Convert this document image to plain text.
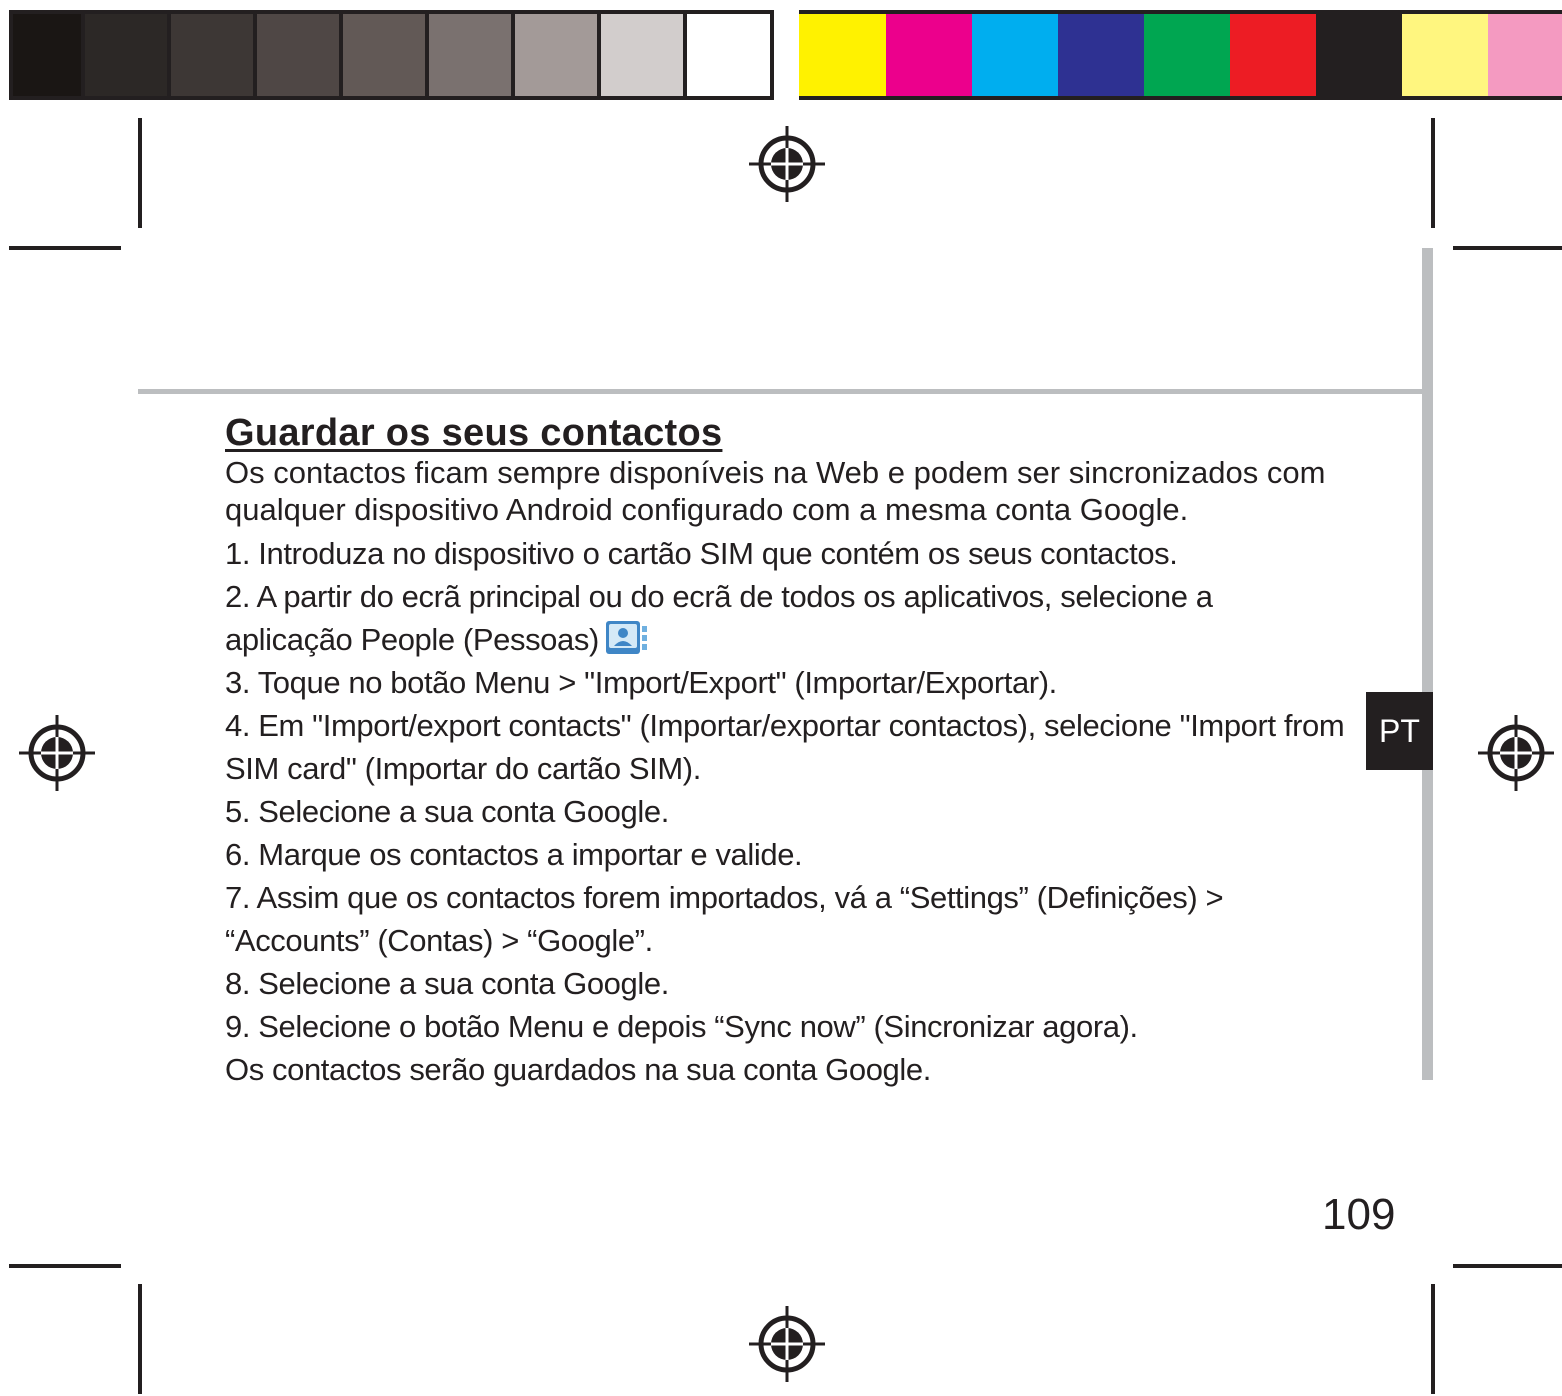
PT
Guardar os seus contactos

Os contactos ficam sempre disponíveis na Web e podem ser sincronizados com qualquer dispositivo Android configurado com a mesma conta Google.

1. Introduza no dispositivo o cartão SIM que contém os seus contactos.
2. A partir do ecrã principal ou do ecrã de todos os aplicativos, selecione a aplicação People (Pessoas)
3. Toque no botão Menu > "Import/Export" (Importar/Exportar).
4. Em "Import/export contacts" (Importar/exportar contactos), selecione "Import from SIM card" (Importar do cartão SIM).
5. Selecione a sua conta Google.
6. Marque os contactos a importar e valide.
7. Assim que os contactos forem importados, vá a “Settings” (Definições) > “Accounts” (Contas) > “Google”.
8. Selecione a sua conta Google.
9. Selecione o botão Menu e depois “Sync now” (Sincronizar agora).

Os contactos serão guardados na sua conta Google.

109
